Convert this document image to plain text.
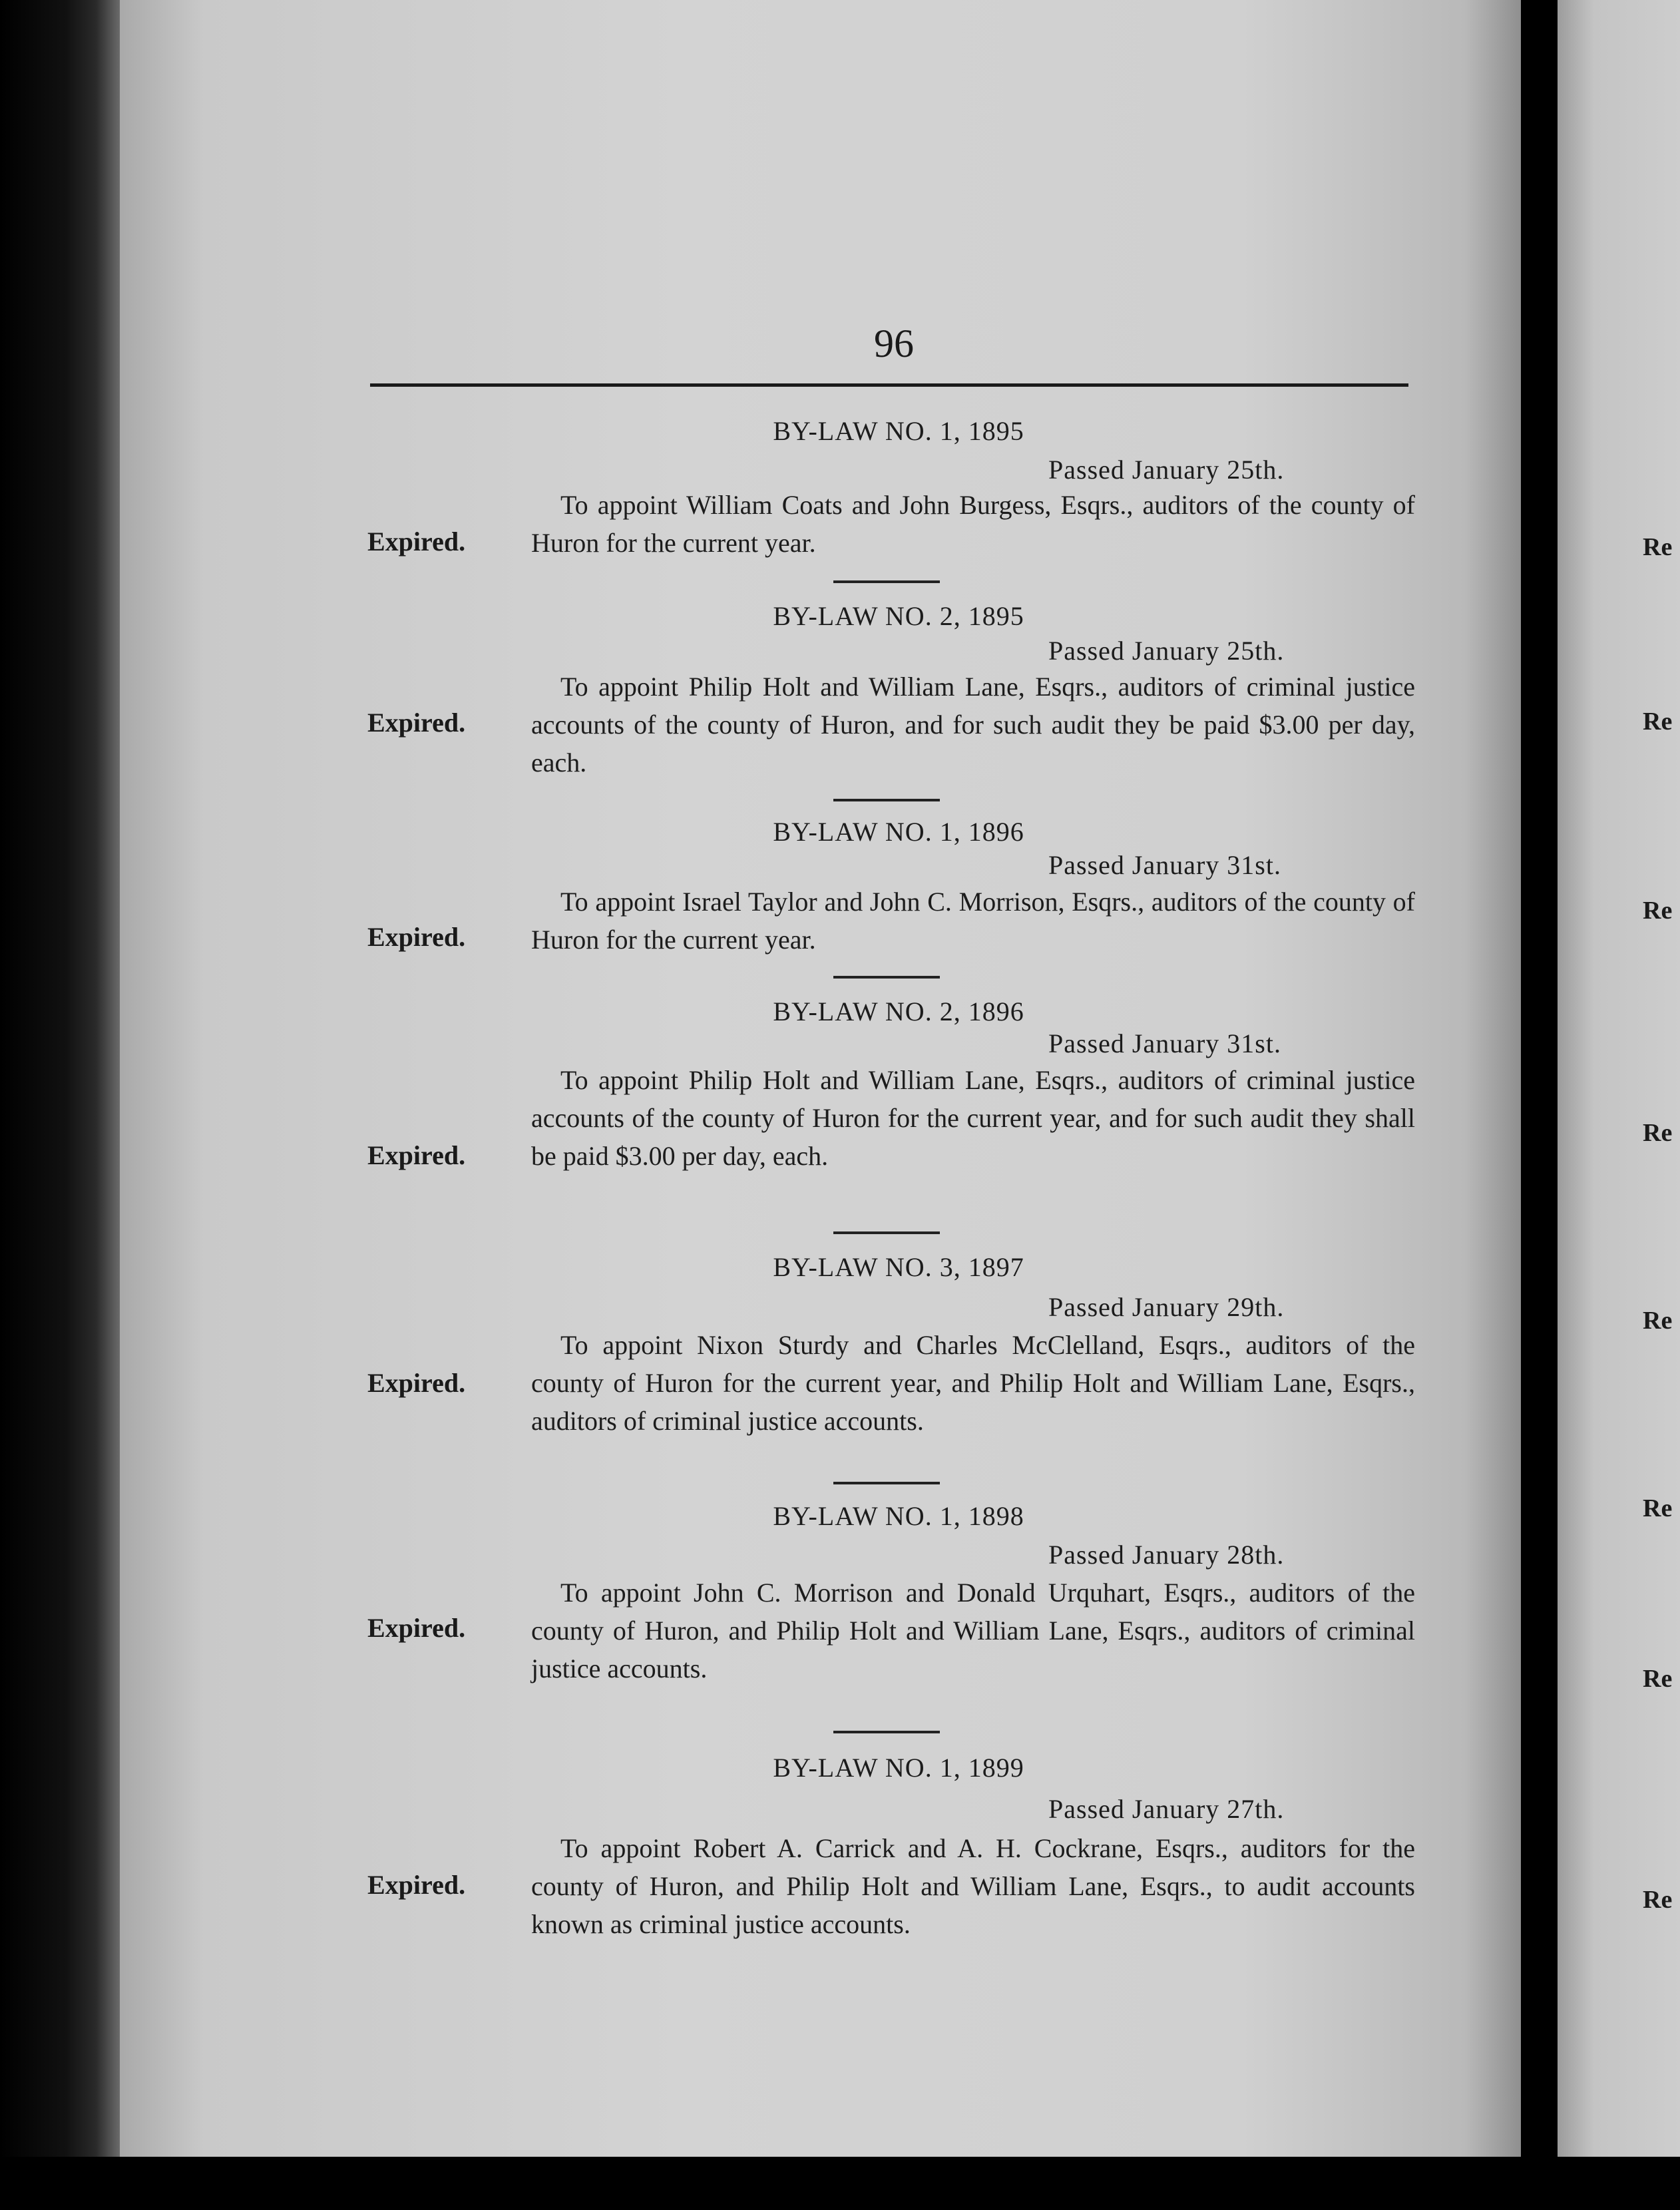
96
BY-LAW NO. 1, 1895
Passed January 25th.
To appoint William Coats and John Burgess, Esqrs., auditors of the county of Huron for the current year.
Expired.
BY-LAW NO. 2, 1895
Passed January 25th.
To appoint Philip Holt and William Lane, Esqrs., auditors of criminal justice accounts of the county of Huron, and for such audit they be paid $3.00 per day, each.
Expired.
BY-LAW NO. 1, 1896
Passed January 31st.
To appoint Israel Taylor and John C. Morrison, Esqrs., auditors of the county of Huron for the current year.
Expired.
BY-LAW NO. 2, 1896
Passed January 31st.
To appoint Philip Holt and William Lane, Esqrs., auditors of criminal justice accounts of the county of Huron for the current year, and for such audit they shall be paid $3.00 per day, each.
Expired.
BY-LAW NO. 3, 1897
Passed January 29th.
To appoint Nixon Sturdy and Charles McClelland, Esqrs., auditors of the county of Huron for the current year, and Philip Holt and William Lane, Esqrs., auditors of criminal justice accounts.
Expired.
BY-LAW NO. 1, 1898
Passed January 28th.
To appoint John C. Morrison and Donald Urquhart, Esqrs., auditors of the county of Huron, and Philip Holt and William Lane, Esqrs., auditors of criminal justice accounts.
Expired.
BY-LAW NO. 1, 1899
Passed January 27th.
To appoint Robert A. Carrick and A. H. Cockrane, Esqrs., auditors for the county of Huron, and Philip Holt and William Lane, Esqrs., to audit accounts known as criminal justice accounts.
Expired.
Re
Re
Re
Re
Re
Re
Re
Re
